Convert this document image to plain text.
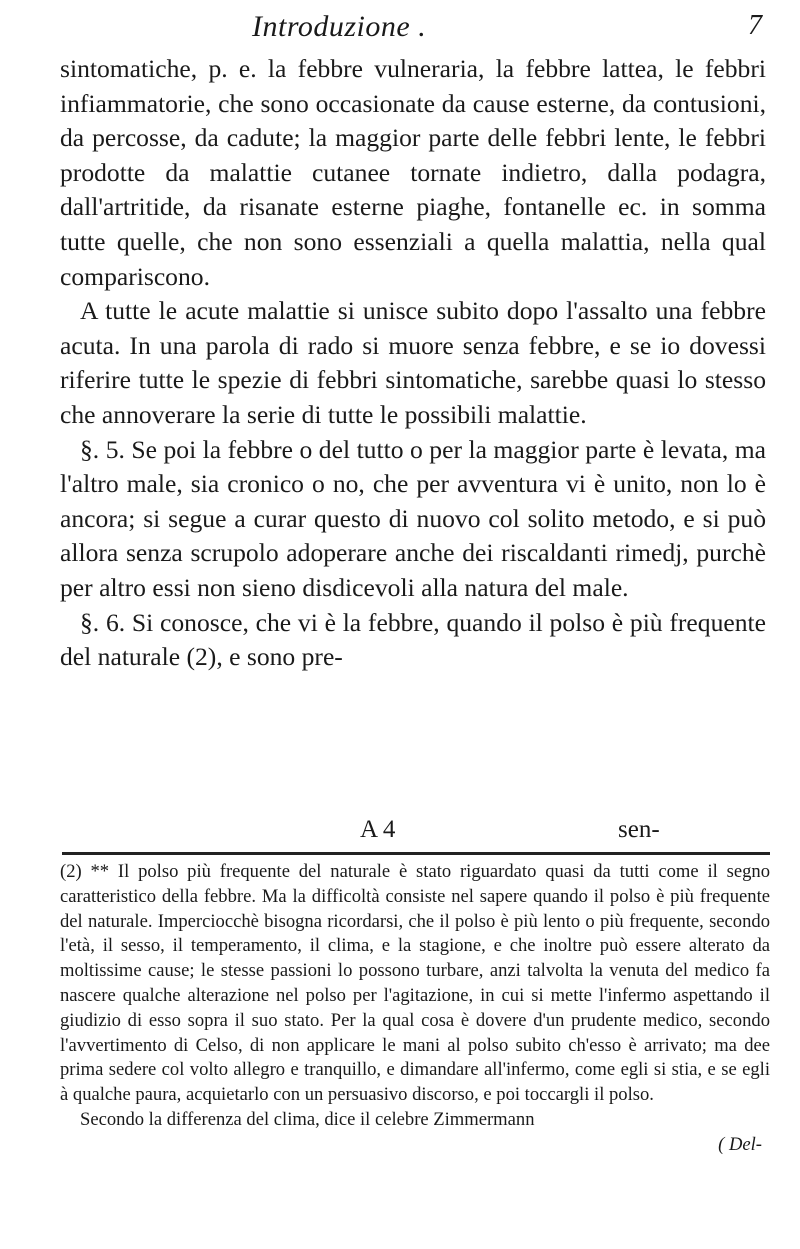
Introduzione .	7

sintomatiche, p. e. la febbre vulneraria, la febbre lattea, le febbri infiammatorie, che sono occasionate da cause esterne, da contusioni, da percosse, da cadute; la maggior parte delle febbri lente, le febbri prodotte da malattie cutanee tornate indietro, dalla podagra, dall'artritide, da risanate esterne piaghe, fontanelle ec. in somma tutte quelle, che non sono essenziali a quella malattia, nella qual compariscono.

A tutte le acute malattie si unisce subito dopo l'assalto una febbre acuta. In una parola di rado si muore senza febbre, e se io dovessi riferire tutte le spezie di febbri sintomatiche, sarebbe quasi lo stesso che annoverare la serie di tutte le possibili malattie.

§. 5. Se poi la febbre o del tutto o per la maggior parte è levata, ma l'altro male, sia cronico o no, che per avventura vi è unito, non lo è ancora; si segue a curar questo di nuovo col solito metodo, e si può allora senza scrupolo adoperare anche dei riscaldanti rimedj, purchè per altro essi non sieno disdicevoli alla natura del male.

§. 6. Si conosce, che vi è la febbre, quando il polso è più frequente del naturale (2), e sono pre-

A 4	sen-

(2) ** Il polso più frequente del naturale è stato riguardato quasi da tutti come il segno caratteristico della febbre. Ma la difficoltà consiste nel sapere quando il polso è più frequente del naturale. Imperciocchè bisogna ricordarsi, che il polso è più lento o più frequente, secondo l'età, il sesso, il temperamento, il clima, e la stagione, e che inoltre può essere alterato da moltissime cause; le stesse passioni lo possono turbare, anzi talvolta la venuta del medico fa nascere qualche alterazione nel polso per l'agitazione, in cui si mette l'infermo aspettando il giudizio di esso sopra il suo stato. Per la qual cosa è dovere d'un prudente medico, secondo l'avvertimento di Celso, di non applicare le mani al polso subito ch'esso è arrivato; ma dee prima sedere col volto allegro e tranquillo, e dimandare all'infermo, come egli si stia, e se egli à qualche paura, acquietarlo con un persuasivo discorso, e poi toccargli il polso.

Secondo la differenza del clima, dice il celebre Zimmermann

( Del-
